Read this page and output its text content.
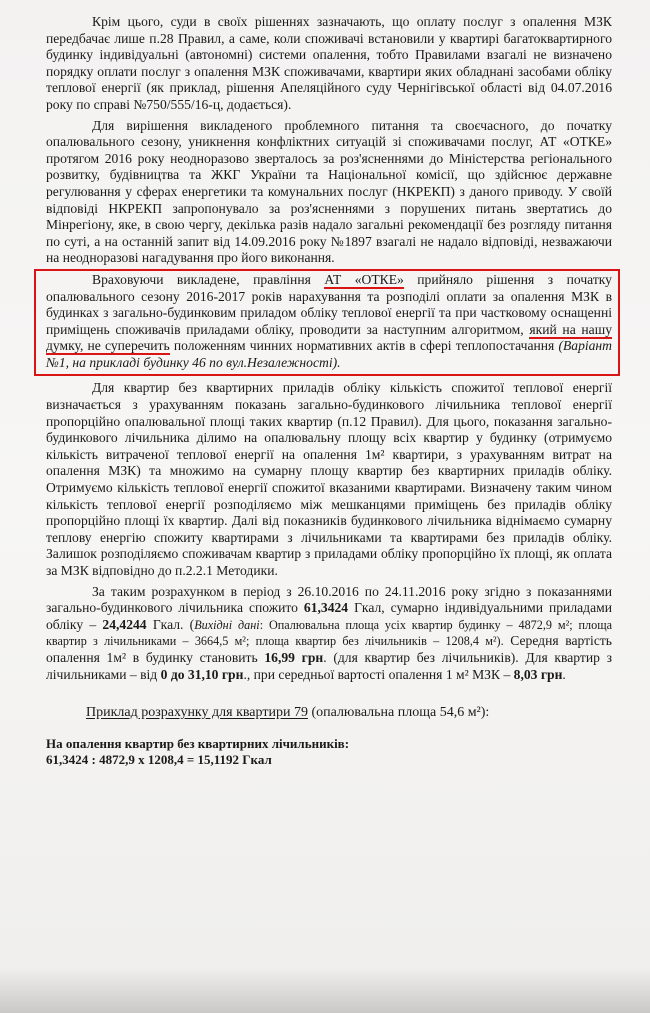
Крім цього, суди в своїх рішеннях зазначають, що оплату послуг з опалення МЗК передбачає лише п.28 Правил, а саме, коли споживачі встановили у квартирі багатоквартирного будинку індивідуальні (автономні) системи опалення, тобто Правилами взагалі не визначено порядку оплати послуг з опалення МЗК споживачами, квартири яких обладнані засобами обліку теплової енергії (як приклад, рішення Апеляційного суду Чернігівської області від 04.07.2016 року по справі №750/555/16-ц, додається).

Для вирішення викладеного проблемного питання та своєчасного, до початку опалювального сезону, уникнення конфліктних ситуацій зі споживачами послуг, АТ «ОТКЕ» протягом 2016 року неодноразово зверталось за роз'ясненнями до Міністерства регіонального розвитку, будівництва та ЖКГ України та Національної комісії, що здійснює державне регулювання у сферах енергетики та комунальних послуг (НКРЕКП) з даного приводу. У своїй відповіді НКРЕКП запропонувало за роз'ясненнями з порушених питань звертатись до Мінрегіону, яке, в свою чергу, декілька разів надало загальні рекомендації без розгляду питання по суті, а на останній запит від 14.09.2016 року №1897 взагалі не надало відповіді, незважаючи на неодноразові нагадування про його виконання.

Враховуючи викладене, правління АТ «ОТКЕ» прийняло рішення з початку опалювального сезону 2016-2017 років нарахування та розподілі оплати за опалення МЗК в будинках з загально-будинковим приладом обліку теплової енергії та при частковому оснащенні приміщень споживачів приладами обліку, проводити за наступним алгоритмом, який на нашу думку, не суперечить положенням чинних нормативних актів в сфері теплопостачання (Варіант №1, на прикладі будинку 46 по вул.Незалежності).

Для квартир без квартирних приладів обліку кількість спожитої теплової енергії визначається з урахуванням показань загально-будинкового лічильника теплової енергії пропорційно опалювальної площі таких квартир (п.12 Правил). Для цього, показання загально-будинкового лічильника ділимо на опалювальну площу всіх квартир у будинку (отримуємо кількість витраченої теплової енергії на опалення 1м² квартири, з урахуванням витрат на опалення МЗК) та множимо на сумарну площу квартир без квартирних приладів обліку. Отримуємо кількість теплової енергії спожитої вказаними квартирами. Визначену таким чином кількість теплової енергії розподіляємо між мешканцями приміщень без приладів обліку пропорційно площі їх квартир. Далі від показників будинкового лічильника віднімаємо сумарну теплову енергію спожиту квартирами з лічильниками та квартирами без приладів обліку. Залишок розподіляємо споживачам квартир з приладами обліку пропорційно їх площі, як оплата за МЗК відповідно до п.2.2.1 Методики.

За таким розрахунком в період з 26.10.2016 по 24.11.2016 року згідно з показаннями загально-будинкового лічильника спожито 61,3424 Гкал, сумарно індивідуальними приладами обліку – 24,4244 Гкал. (Вихідні дані: Опалювальна площа усіх квартир будинку – 4872,9 м²; площа квартир з лічильниками – 3664,5 м²; площа квартир без лічильників – 1208,4 м²). Середня вартість опалення 1м² в будинку становить 16,99 грн. (для квартир без лічильників). Для квартир з лічильниками – від 0 до 31,10 грн., при середньої вартості опалення 1 м² МЗК – 8,03 грн.

Приклад розрахунку для квартири 79 (опалювальна площа 54,6 м²):

На опалення квартир без квартирних лічильників:

61,3424 : 4872,9 х 1208,4 = 15,1192 Гкал
